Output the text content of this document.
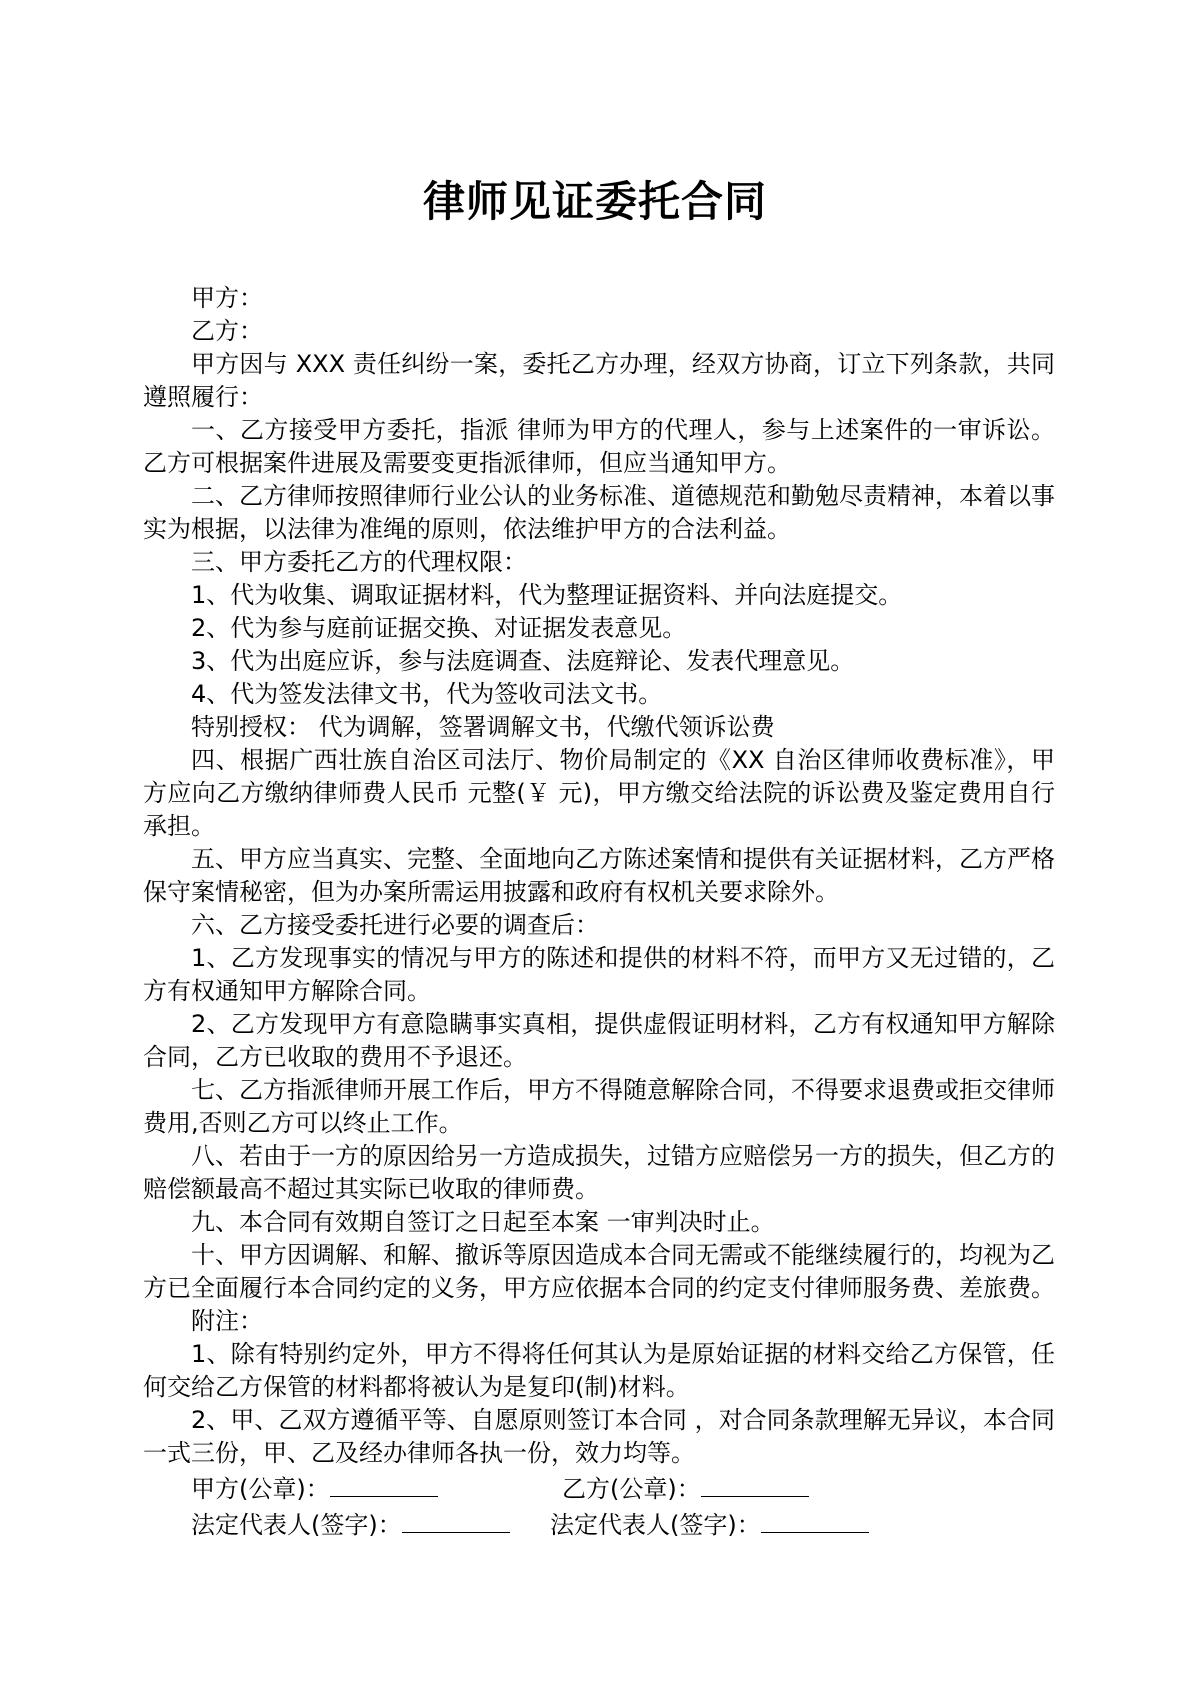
律师见证委托合同

甲方：

乙方：

甲方因与 XXX 责任纠纷一案，委托乙方办理，经双方协商，订立下列条款，共同遵照履行：

一、乙方接受甲方委托，指派 律师为甲方的代理人，参与上述案件的一审诉讼。乙方可根据案件进展及需要变更指派律师，但应当通知甲方。

二、乙方律师按照律师行业公认的业务标准、道德规范和勤勉尽责精神，本着以事实为根据，以法律为准绳的原则，依法维护甲方的合法利益。

三、甲方委托乙方的代理权限：

1、代为收集、调取证据材料，代为整理证据资料、并向法庭提交。

2、代为参与庭前证据交换、对证据发表意见。

3、代为出庭应诉，参与法庭调查、法庭辩论、发表代理意见。

4、代为签发法律文书，代为签收司法文书。

特别授权： 代为调解，签署调解文书，代缴代领诉讼费

四、根据广西壮族自治区司法厅、物价局制定的《XX 自治区律师收费标准》，甲方应向乙方缴纳律师费人民币 元整(￥ 元)，甲方缴交给法院的诉讼费及鉴定费用自行承担。

五、甲方应当真实、完整、全面地向乙方陈述案情和提供有关证据材料，乙方严格保守案情秘密，但为办案所需运用披露和政府有权机关要求除外。

六、乙方接受委托进行必要的调查后：

1、乙方发现事实的情况与甲方的陈述和提供的材料不符，而甲方又无过错的，乙方有权通知甲方解除合同。

2、乙方发现甲方有意隐瞒事实真相，提供虚假证明材料，乙方有权通知甲方解除合同，乙方已收取的费用不予退还。

七、乙方指派律师开展工作后，甲方不得随意解除合同，不得要求退费或拒交律师费用,否则乙方可以终止工作。

八、若由于一方的原因给另一方造成损失，过错方应赔偿另一方的损失，但乙方的赔偿额最高不超过其实际已收取的律师费。

九、本合同有效期自签订之日起至本案 一审判决时止。

十、甲方因调解、和解、撤诉等原因造成本合同无需或不能继续履行的，均视为乙方已全面履行本合同约定的义务，甲方应依据本合同的约定支付律师服务费、差旅费。

附注：

1、除有特别约定外，甲方不得将任何其认为是原始证据的材料交给乙方保管，任何交给乙方保管的材料都将被认为是复印(制)材料。

2、甲、乙双方遵循平等、自愿原则签订本合同 ，对合同条款理解无异议，本合同一式三份，甲、乙及经办律师各执一份，效力均等。

甲方(公章)：	乙方(公章)：
法定代表人(签字)：	法定代表人(签字)：
